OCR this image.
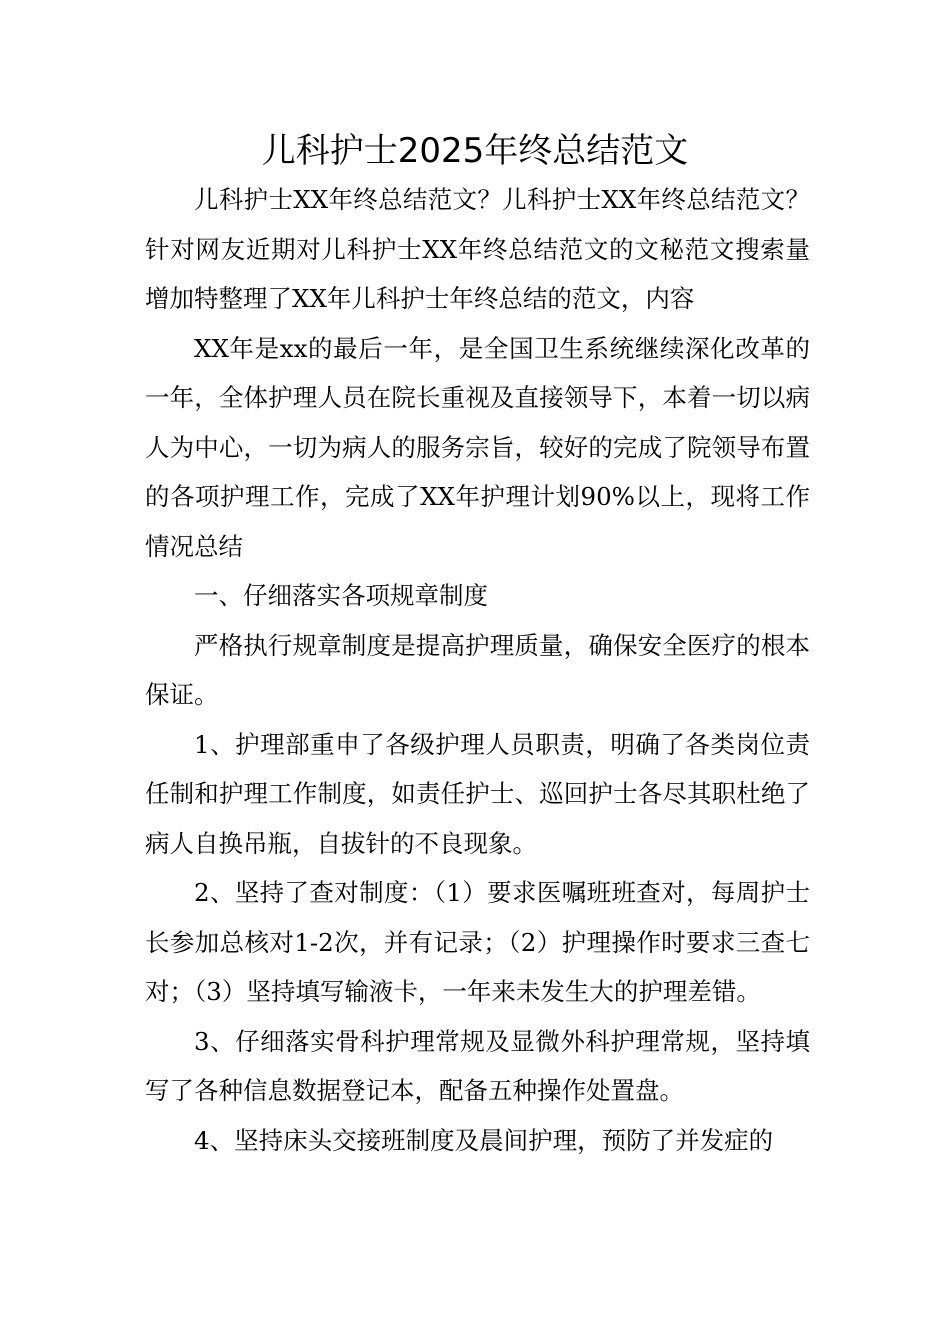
儿科护士2025年终总结范文

儿科护士XX年终总结范文？儿科护士XX年终总结范文？针对网友近期对儿科护士XX年终总结范文的文秘范文搜索量增加特整理了XX年儿科护士年终总结的范文，内容

XX年是xx的最后一年，是全国卫生系统继续深化改革的一年，全体护理人员在院长重视及直接领导下，本着一切以病人为中心，一切为病人的服务宗旨，较好的完成了院领导布置的各项护理工作，完成了XX年护理计划90%以上，现将工作情况总结

一、仔细落实各项规章制度

严格执行规章制度是提高护理质量，确保安全医疗的根本保证。

1、护理部重申了各级护理人员职责，明确了各类岗位责任制和护理工作制度，如责任护士、巡回护士各尽其职杜绝了病人自换吊瓶，自拔针的不良现象。

2、坚持了查对制度：（1）要求医嘱班班查对，每周护士长参加总核对1-2次，并有记录；（2）护理操作时要求三查七对；（3）坚持填写输液卡，一年来未发生大的护理差错。

3、仔细落实骨科护理常规及显微外科护理常规，坚持填写了各种信息数据登记本，配备五种操作处置盘。

4、坚持床头交接班制度及晨间护理，预防了并发症的
